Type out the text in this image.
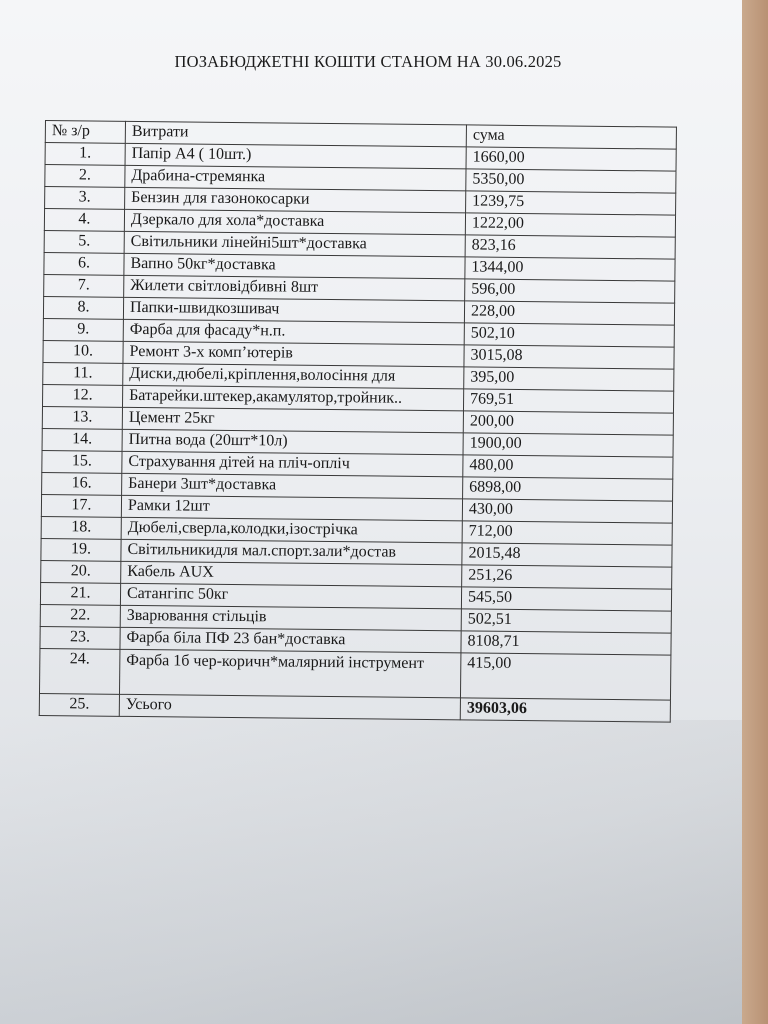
ПОЗАБЮДЖЕТНІ КОШТИ СТАНОМ НА 30.06.2025
№ з/р	Витрати	сума
1.	Папір А4 ( 10шт.)	1660,00
2.	Драбина-стремянка	5350,00
3.	Бензин для газонокосарки	1239,75
4.	Дзеркало для хола*доставка	1222,00
5.	Світильники лінейні5шт*доставка	823,16
6.	Вапно 50кг*доставка	1344,00
7.	Жилети світловідбивні 8шт	596,00
8.	Папки-швидкозшивач	228,00
9.	Фарба для фасаду*н.п.	502,10
10.	Ремонт 3-х комп’ютерів	3015,08
11.	Диски,дюбелі,кріплення,волосіння для	395,00
12.	Батарейки.штекер,акамулятор,тройник..	769,51
13.	Цемент 25кг	200,00
14.	Питна вода (20шт*10л)	1900,00
15.	Страхування дітей на пліч-опліч	480,00
16.	Банери 3шт*доставка	6898,00
17.	Рамки 12шт	430,00
18.	Дюбелі,сверла,колодки,ізострічка	712,00
19.	Світильникидля мал.спорт.зали*достав	2015,48
20.	Кабель AUX	251,26
21.	Сатангіпс 50кг	545,50
22.	Зварювання стільців	502,51
23.	Фарба біла ПФ 23 бан*доставка	8108,71
24.	Фарба 1б чер-коричн*малярний інструмент	415,00
25.	Усього	39603,06
